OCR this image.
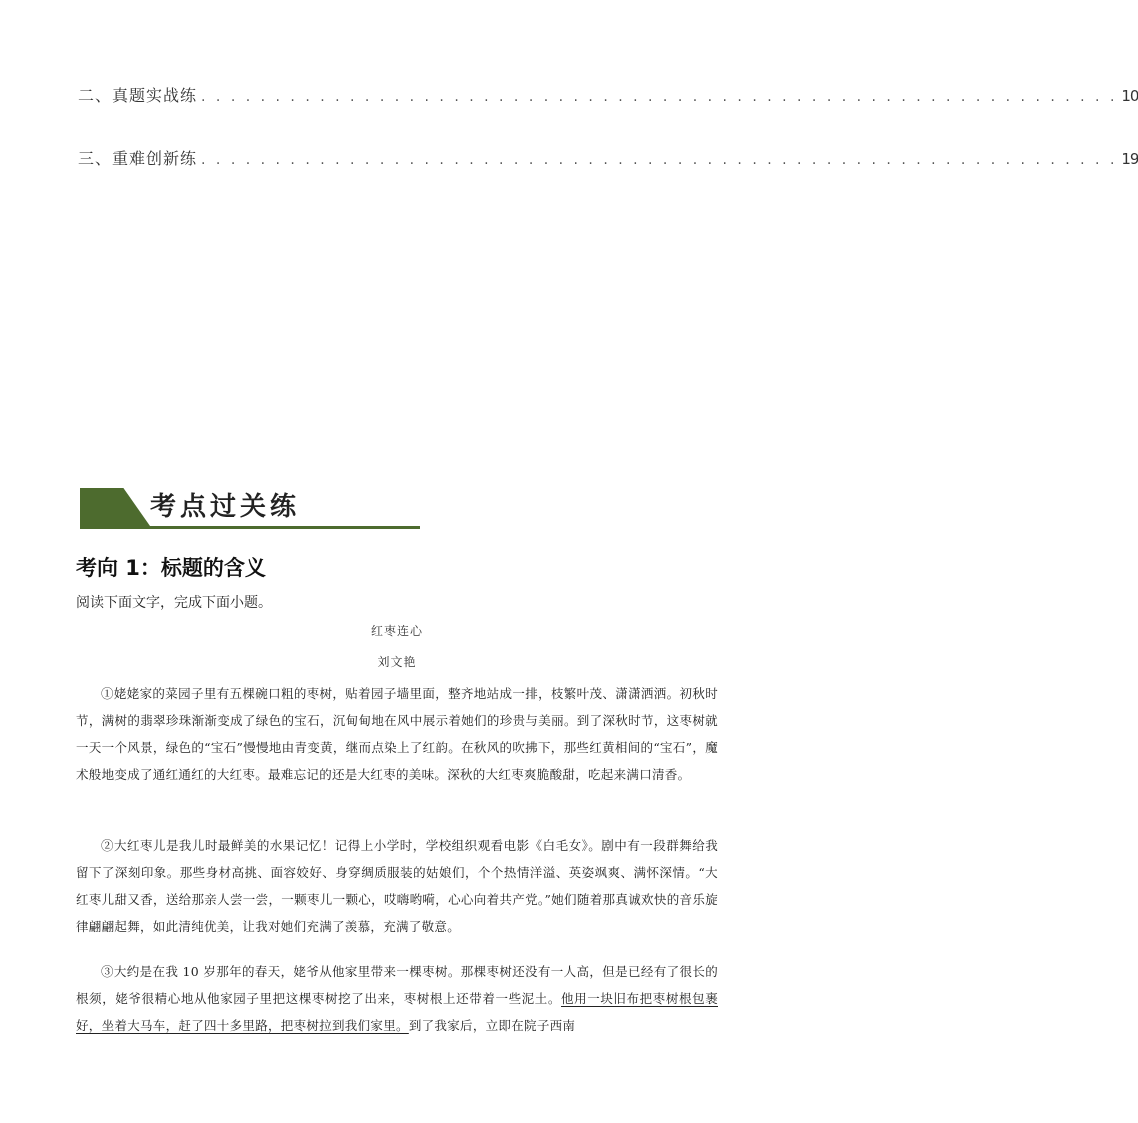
二、真题实战练 . . . . . . . . . . . . . . . . . . . . . . . . . . . . . . . . . . . . . . . . . . . . . . . . . . . . . . . . . . . . . . 10
三、重难创新练 . . . . . . . . . . . . . . . . . . . . . . . . . . . . . . . . . . . . . . . . . . . . . . . . . . . . . . . . . . . . . . 19
考点过关练
考向 1：标题的含义
阅读下面文字，完成下面小题。
红枣连心
刘文艳
①姥姥家的菜园子里有五棵碗口粗的枣树，贴着园子墙里面，整齐地站成一排，枝繁叶茂、潇潇洒洒。初秋时节，满树的翡翠珍珠渐渐变成了绿色的宝石，沉甸甸地在风中展示着她们的珍贵与美丽。到了深秋时节，这枣树就一天一个风景，绿色的“宝石”慢慢地由青变黄，继而点染上了红韵。在秋风的吹拂下，那些红黄相间的“宝石”，魔术般地变成了通红通红的大红枣。最难忘记的还是大红枣的美味。深秋的大红枣爽脆酸甜，吃起来满口清香。
②大红枣儿是我儿时最鲜美的水果记忆！记得上小学时，学校组织观看电影《白毛女》。剧中有一段群舞给我留下了深刻印象。那些身材高挑、面容姣好、身穿绸质服装的姑娘们，个个热情洋溢、英姿飒爽、满怀深情。“大红枣儿甜又香，送给那亲人尝一尝，一颗枣儿一颗心，哎嗨哟嗬，心心向着共产党。”她们随着那真诚欢快的音乐旋律翩翩起舞，如此清纯优美，让我对她们充满了羡慕，充满了敬意。
③大约是在我 10 岁那年的春天，姥爷从他家里带来一棵枣树。那棵枣树还没有一人高，但是已经有了很长的根须，姥爷很精心地从他家园子里把这棵枣树挖了出来，枣树根上还带着一些泥土。他用一块旧布把枣树根包裹好，坐着大马车，赶了四十多里路，把枣树拉到我们家里。到了我家后，立即在院子西南
